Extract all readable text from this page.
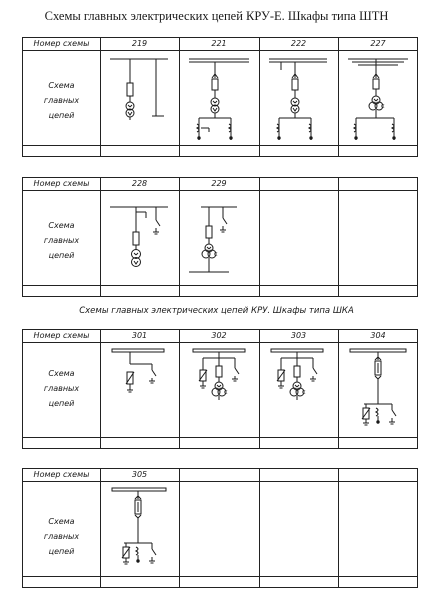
Схемы главных электрических цепей КРУ-Е. Шкафы типа ШТН
Схемы главных электрических цепей КРУ. Шкафы типа ШКА
Номер схемы	219	221	222	227
Схема
главных
цепей
C
Номер схемы	228	229
Схема
главных
цепей	C
Номер схемы	301	302	303	304
Схема
главных
цепей
C	C
Номер схемы	305
Схема
главных
цепей
